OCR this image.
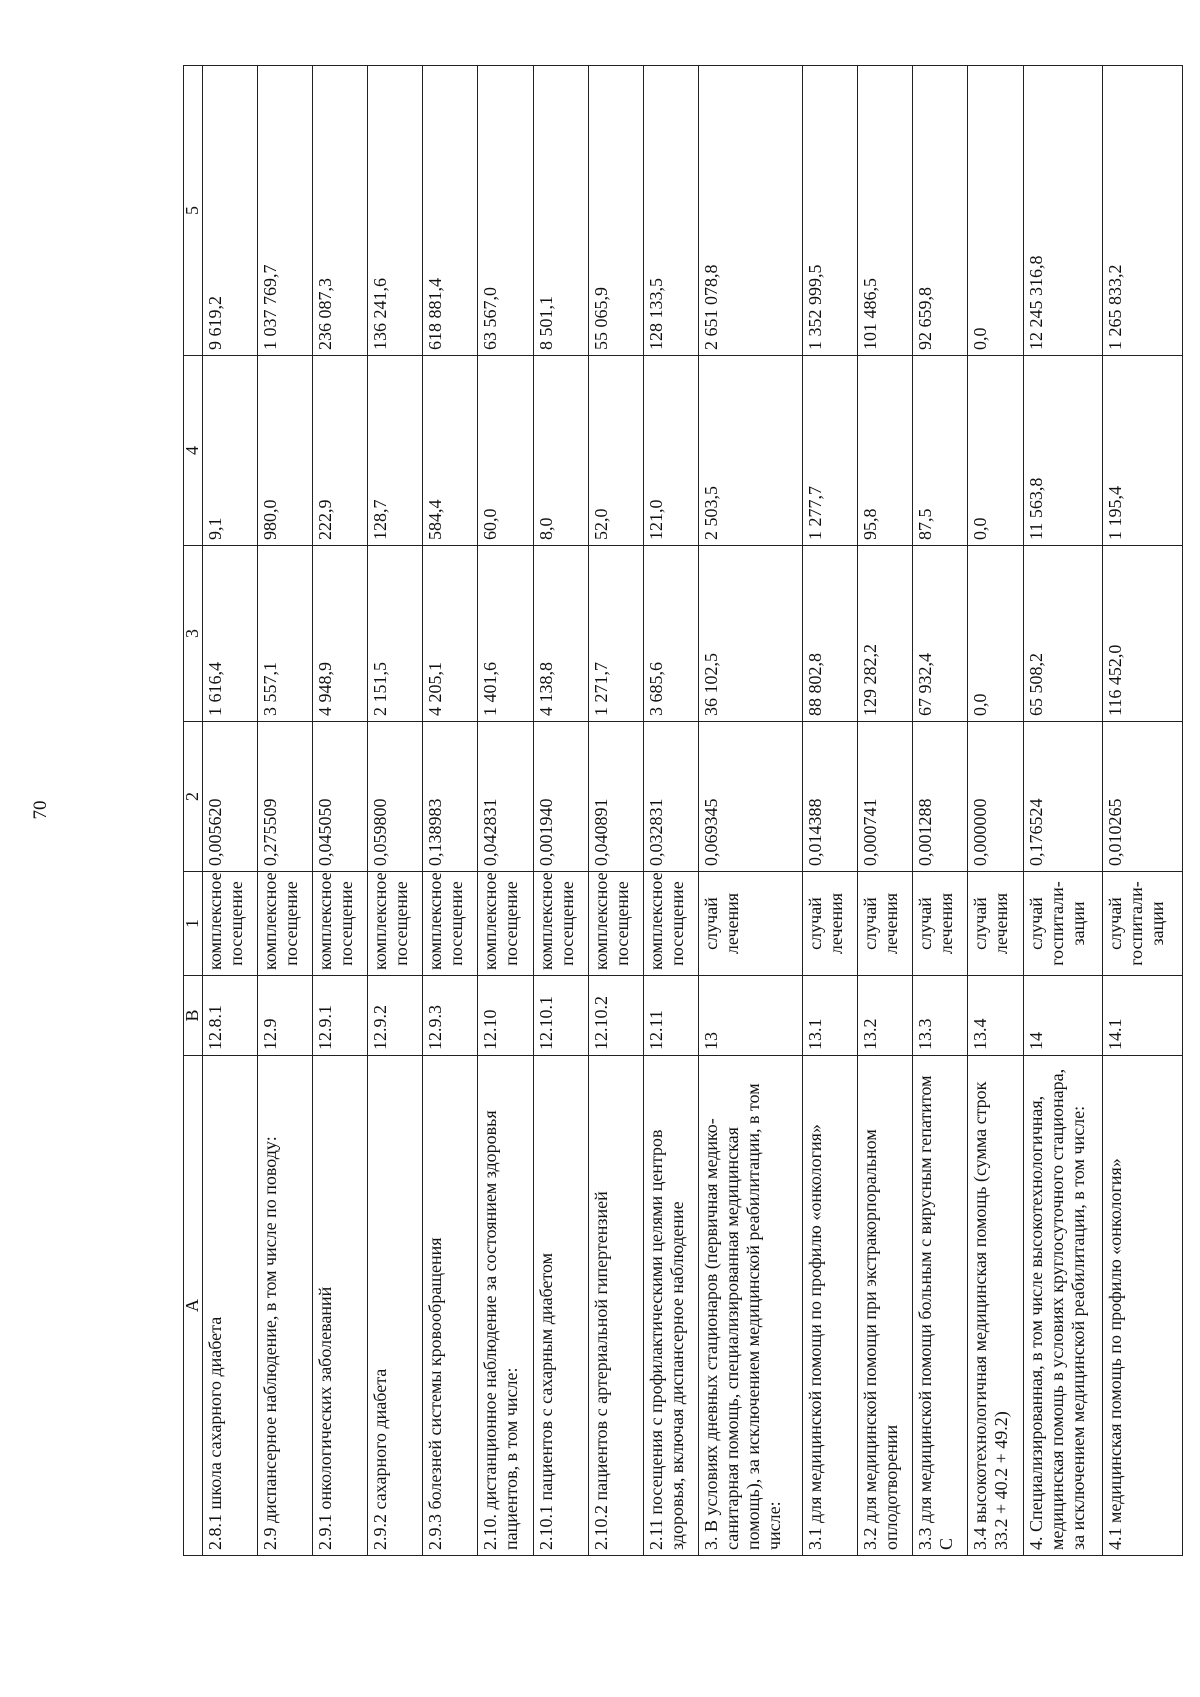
70
А	В	1	2	3	4	5
2.8.1 школа сахарного диабета	12.8.1	комплексное посещение	0,005620	1 616,4	9,1	9 619,2
2.9 диспансерное наблюдение, в том числе по поводу:	12.9	комплексное посещение	0,275509	3 557,1	980,0	1 037 769,7
2.9.1 онкологических заболеваний	12.9.1	комплексное посещение	0,045050	4 948,9	222,9	236 087,3
2.9.2 сахарного диабета	12.9.2	комплексное посещение	0,059800	2 151,5	128,7	136 241,6
2.9.3 болезней системы кровообращения	12.9.3	комплексное посещение	0,138983	4 205,1	584,4	618 881,4
2.10. дистанционное наблюдение за состоянием здоровья пациентов, в том числе:	12.10	комплексное посещение	0,042831	1 401,6	60,0	63 567,0
2.10.1 пациентов с сахарным диабетом	12.10.1	комплексное посещение	0,001940	4 138,8	8,0	8 501,1
2.10.2 пациентов с артериальной гипертензией	12.10.2	комплексное посещение	0,040891	1 271,7	52,0	55 065,9
2.11 посещения с профилактическими целями центров здоровья, включая диспансерное наблюдение	12.11	комплексное посещение	0,032831	3 685,6	121,0	128 133,5
3. В условиях дневных стационаров (первичная медико-санитарная помощь, специализированная медицинская помощь), за исключением медицинской реабилитации, в том числе:	13	случай лечения	0,069345	36 102,5	2 503,5	2 651 078,8
3.1 для медицинской помощи по профилю «онкология»	13.1	случай лечения	0,014388	88 802,8	1 277,7	1 352 999,5
3.2 для медицинской помощи при экстракорпоральном оплодотворении	13.2	случай лечения	0,000741	129 282,2	95,8	101 486,5
3.3 для медицинской помощи больным с вирусным гепатитом С	13.3	случай лечения	0,001288	67 932,4	87,5	92 659,8
3.4 высокотехнологичная медицинская помощь (сумма строк 33.2 + 40.2 + 49.2)	13.4	случай лечения	0,000000	0,0	0,0	0,0
4. Специализированная, в том числе высокотехнологичная, медицинская помощь в условиях круглосуточного стационара, за исключением медицинской реабилитации, в том числе:	14	случай госпитали-зации	0,176524	65 508,2	11 563,8	12 245 316,8
4.1 медицинская помощь по профилю «онкология»	14.1	случай госпитали-зации	0,010265	116 452,0	1 195,4	1 265 833,2
